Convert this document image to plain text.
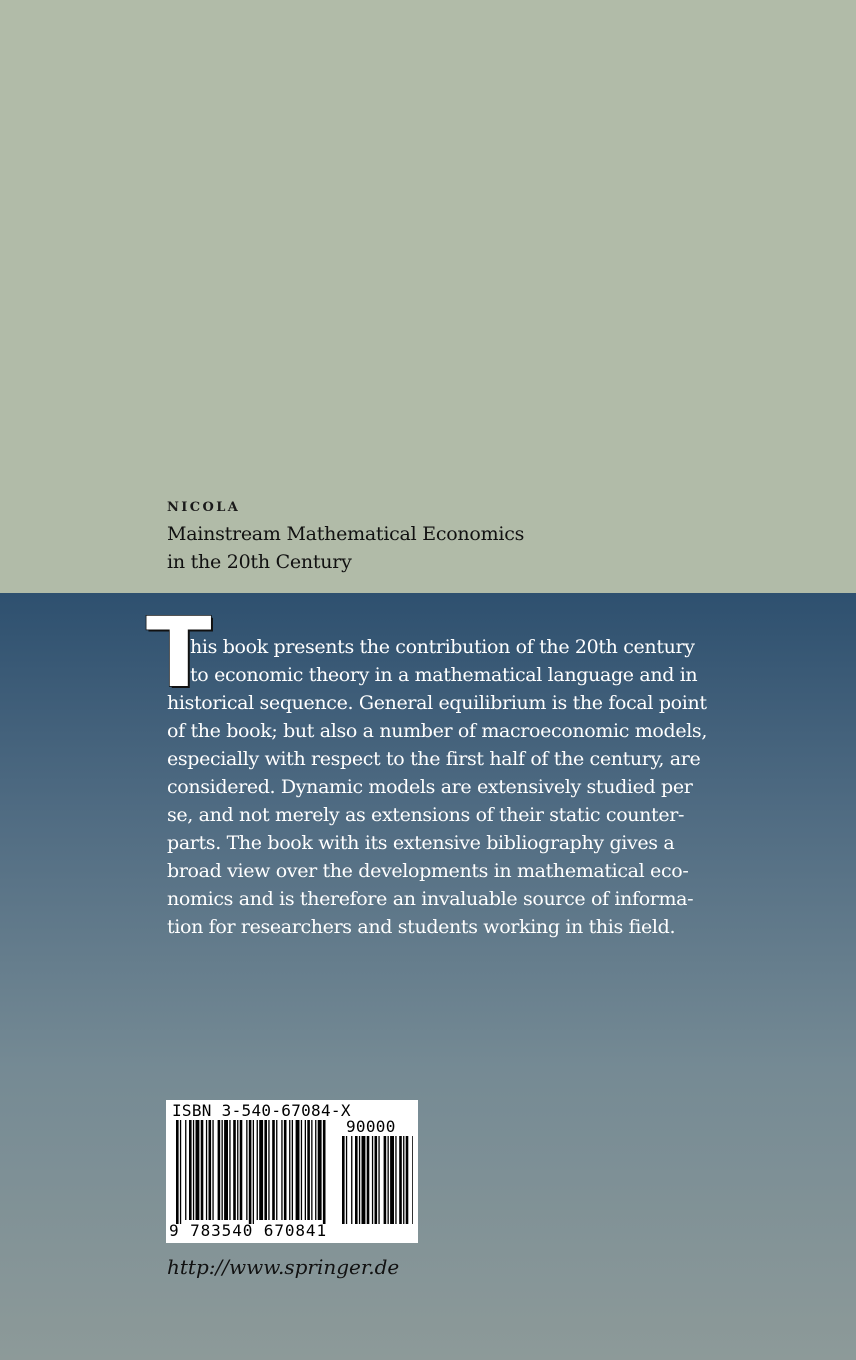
NICOLA
Mainstream Mathematical Economics
in the 20th Century
T
his book presents the contribution of the 20th century
to economic theory in a mathematical language and in
historical sequence. General equilibrium is the focal point
of the book; but also a number of macroeconomic models,
especially with respect to the first half of the century, are
considered. Dynamic models are extensively studied per
se, and not merely as extensions of their static counter-
parts. The book with its extensive bibliography gives a
broad view over the developments in mathematical eco-
nomics and is therefore an invaluable source of informa-
tion for researchers and students working in this field.
ISBN 3-540-67084-X
90000
9 783540 670841
http://www.springer.de
